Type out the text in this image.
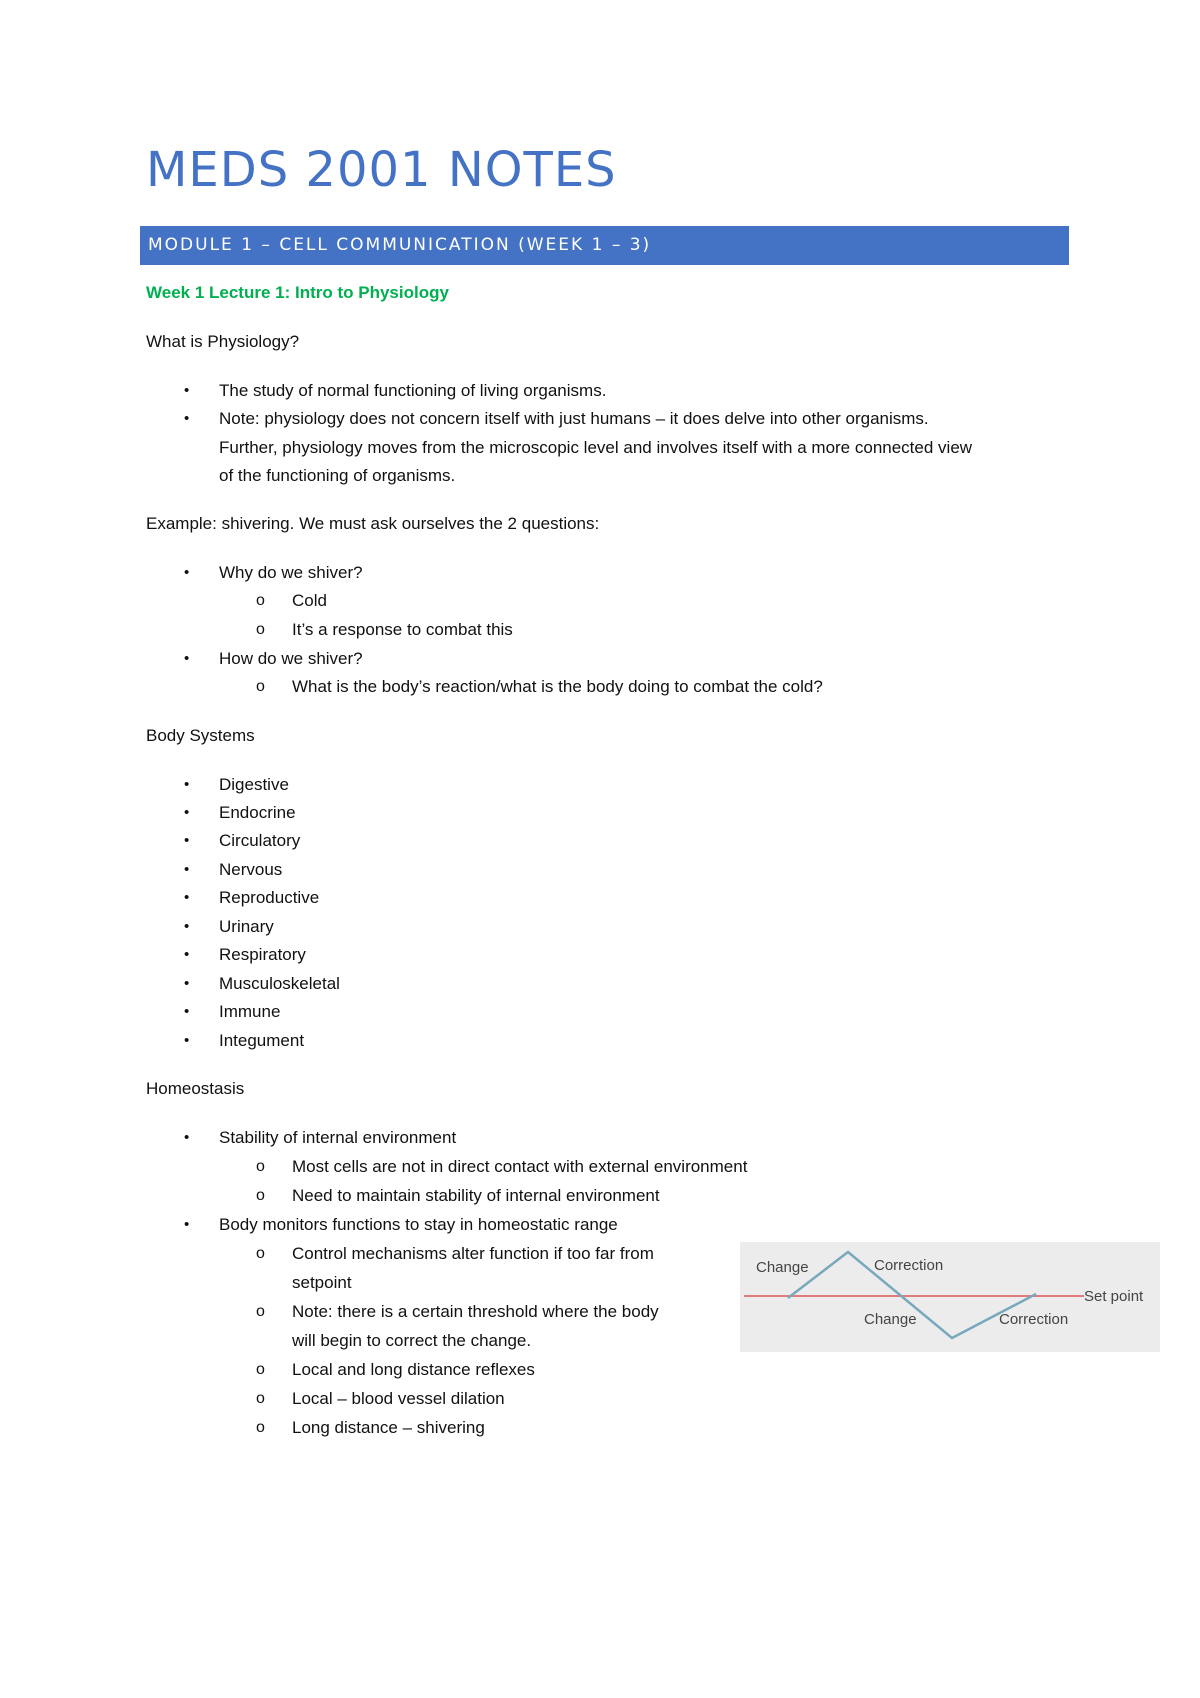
MEDS 2001 NOTES
MODULE 1 – CELL COMMUNICATION (WEEK 1 – 3)

Week 1 Lecture 1: Intro to Physiology

What is Physiology?

• The study of normal functioning of living organisms.

• Note: physiology does not concern itself with just humans – it does delve into other organisms.

Further, physiology moves from the microscopic level and involves itself with a more connected view

of the functioning of organisms.

Example: shivering. We must ask ourselves the 2 questions:

• Why do we shiver?

o Cold

o It’s a response to combat this

• How do we shiver?

o What is the body’s reaction/what is the body doing to combat the cold?

Body Systems

• Digestive

• Endocrine

• Circulatory

• Nervous

• Reproductive

• Urinary

• Respiratory

• Musculoskeletal

• Immune

• Integument

Homeostasis

• Stability of internal environment

o Most cells are not in direct contact with external environment

o Need to maintain stability of internal environment

• Body monitors functions to stay in homeostatic range

o Control mechanisms alter function if too far from

setpoint

o Note: there is a certain threshold where the body

will begin to correct the change.

o Local and long distance reflexes

o Local – blood vessel dilation

o Long distance – shivering

Change	Correction
Change	Correction
Set point
